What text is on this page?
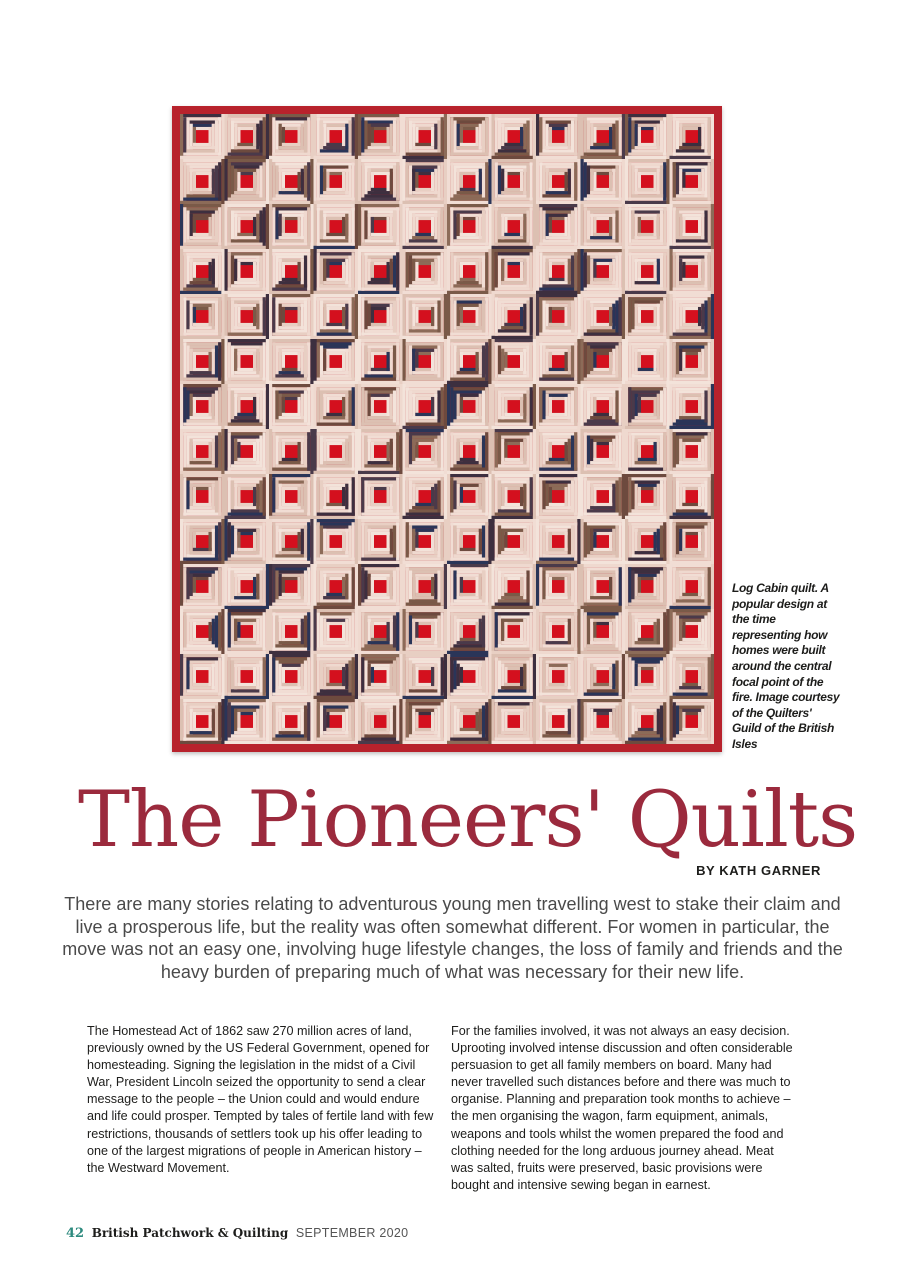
Log Cabin quilt. A popular design at the time representing how homes were built around the central focal point of the fire. Image courtesy of the Quilters' Guild of the British Isles
The Pioneers' Quilts
BY KATH GARNER
There are many stories relating to adventurous young men travelling west to stake their claim and live a prosperous life, but the reality was often somewhat different. For women in particular, the move was not an easy one, involving huge lifestyle changes, the loss of family and friends and the heavy burden of preparing much of what was necessary for their new life.
The Homestead Act of 1862 saw 270 million acres of land, previously owned by the US Federal Government, opened for homesteading. Signing the legislation in the midst of a Civil War, President Lincoln seized the opportunity to send a clear message to the people – the Union could and would endure and life could prosper. Tempted by tales of fertile land with few restrictions, thousands of settlers took up his offer leading to one of the largest migrations of people in American history – the Westward Movement.
For the families involved, it was not always an easy decision. Uprooting involved intense discussion and often considerable persuasion to get all family members on board. Many had never travelled such distances before and there was much to organise. Planning and preparation took months to achieve – the men organising the wagon, farm equipment, animals, weapons and tools whilst the women prepared the food and clothing needed for the long arduous journey ahead. Meat was salted, fruits were preserved, basic provisions were bought and intensive sewing began in earnest.
42 British Patchwork & Quilting SEPTEMBER 2020
